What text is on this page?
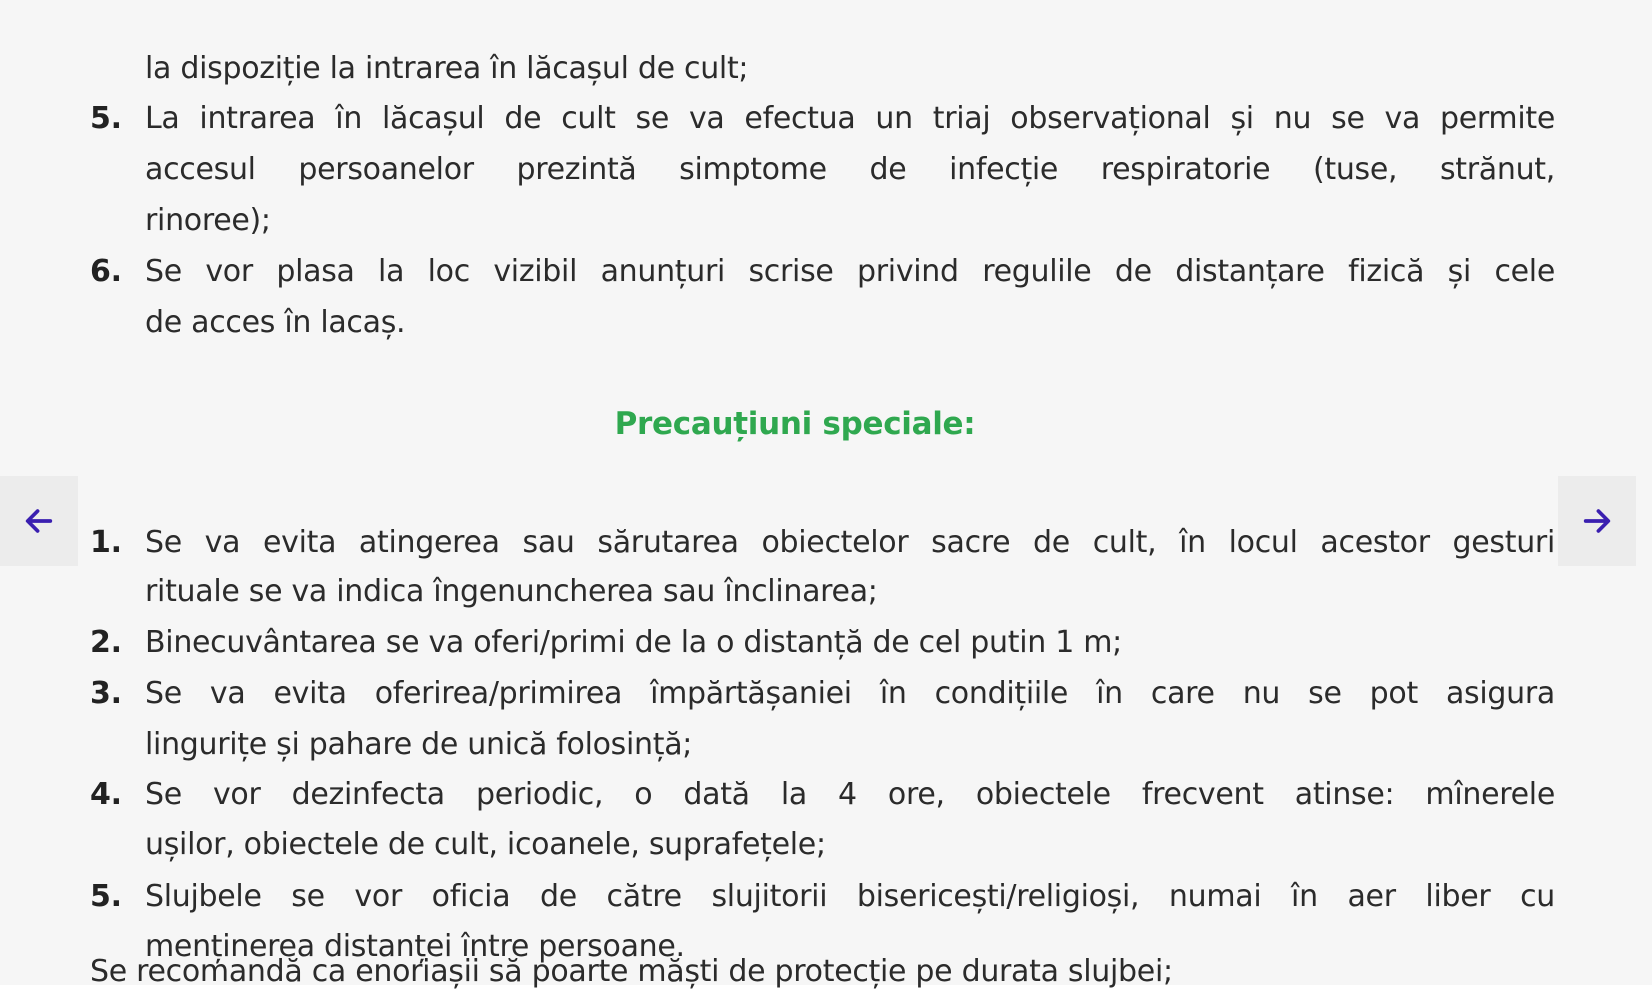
la dispoziție la intrarea în lăcașul de cult;
5. La intrarea în lăcașul de cult se va efectua un triaj observațional și nu se va permite
accesul persoanelor prezintă simptome de infecție respiratorie (tuse, strănut,
rinoree);
6. Se vor plasa la loc vizibil anunțuri scrise privind regulile de distanțare fizică și cele
de acces în lacaș.
Precauțiuni speciale:
1. Se va evita atingerea sau sărutarea obiectelor sacre de cult, în locul acestor gesturi
rituale se va indica îngenuncherea sau înclinarea;
2. Binecuvântarea se va oferi/primi de la o distanță de cel putin 1 m;
3. Se va evita oferirea/primirea împărtășaniei în condițiile în care nu se pot asigura
lingurițe și pahare de unică folosință;
4. Se vor dezinfecta periodic, o dată la 4 ore, obiectele frecvent atinse: mînerele
ușilor, obiectele de cult, icoanele, suprafețele;
5. Slujbele se vor oficia de către slujitorii bisericești/religioși, numai în aer liber cu
menținerea distanței între persoane.
Se recomandă ca enoriașii să poarte măști de protecție pe durata slujbei;
